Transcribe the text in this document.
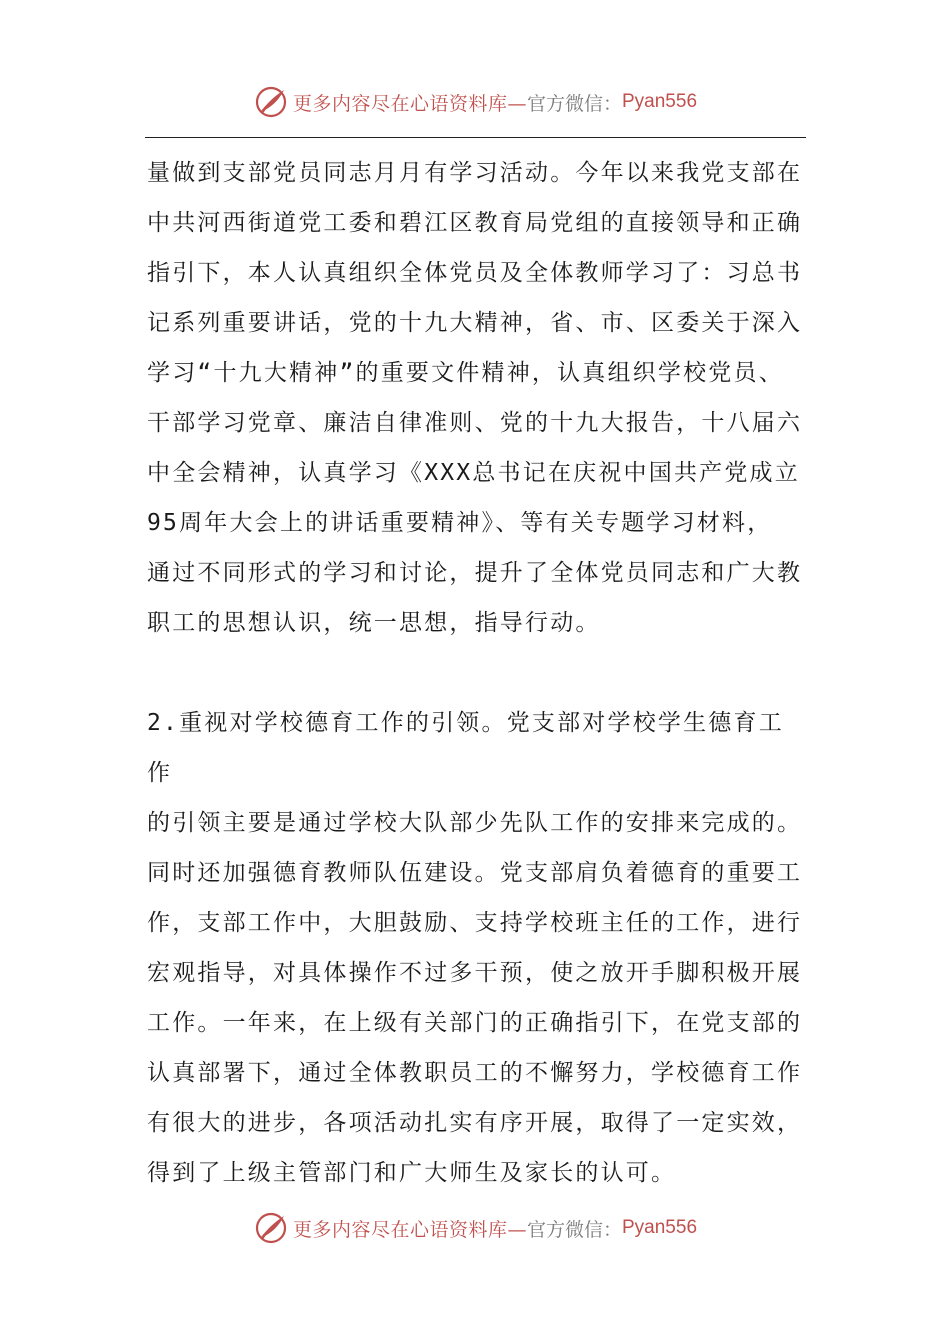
更多内容尽在心语资料库— 官方微信： Pyan556

量做到支部党员同志月月有学习活动。今年以来我党支部在
中共河西街道党工委和碧江区教育局党组的直接领导和正确
指引下，本人认真组织全体党员及全体教师学习了：习总书
记系列重要讲话，党的十九大精神，省、市、区委关于深入
学习“十九大精神”的重要文件精神，认真组织学校党员、
干部学习党章、廉洁自律准则、党的十九大报告，十八届六
中全会精神，认真学习《XXX总书记在庆祝中国共产党成立
95周年大会上的讲话重要精神》、等有关专题学习材料，
通过不同形式的学习和讨论，提升了全体党员同志和广大教
职工的思想认识，统一思想，指导行动。

2.重视对学校德育工作的引领。党支部对学校学生德育工作
的引领主要是通过学校大队部少先队工作的安排来完成的。
同时还加强德育教师队伍建设。党支部肩负着德育的重要工
作，支部工作中，大胆鼓励、支持学校班主任的工作，进行
宏观指导，对具体操作不过多干预，使之放开手脚积极开展
工作。一年来，在上级有关部门的正确指引下，在党支部的
认真部署下，通过全体教职员工的不懈努力，学校德育工作
有很大的进步，各项活动扎实有序开展，取得了一定实效，
得到了上级主管部门和广大师生及家长的认可。

更多内容尽在心语资料库— 官方微信： Pyan556
